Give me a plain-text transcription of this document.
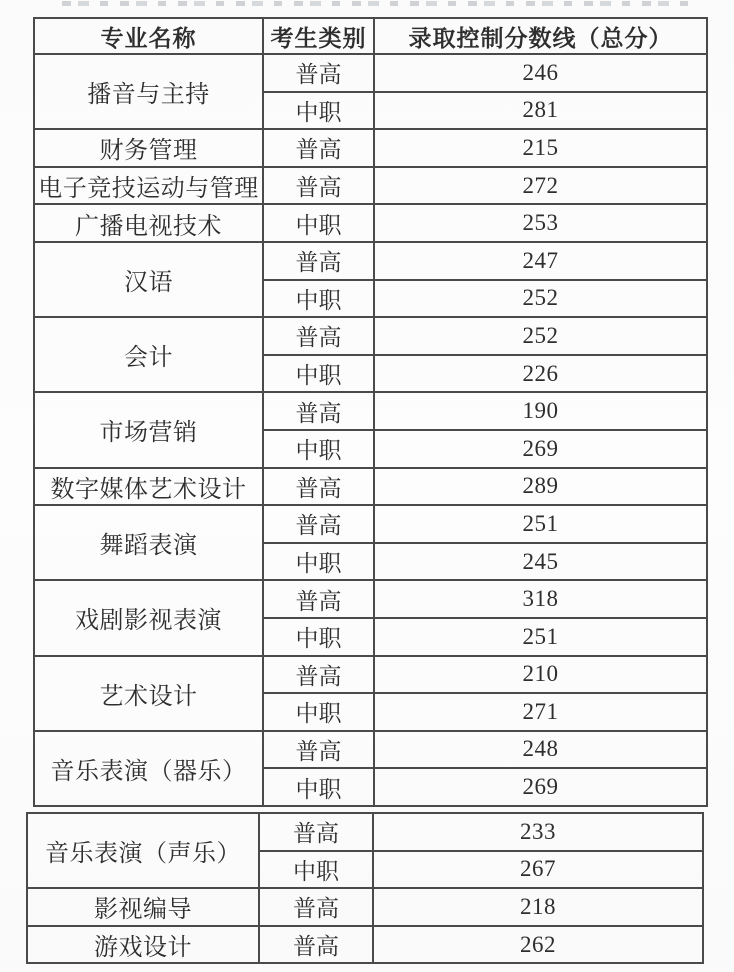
专业名称	考生类别	录取控制分数线（总分）
播音与主持	普高	246
	中职	281
财务管理	普高	215
电子竞技运动与管理	普高	272
广播电视技术	中职	253
汉语	普高	247
	中职	252
会计	普高	252
	中职	226
市场营销	普高	190
	中职	269
数字媒体艺术设计	普高	289
舞蹈表演	普高	251
	中职	245
戏剧影视表演	普高	318
	中职	251
艺术设计	普高	210
	中职	271
音乐表演（器乐）	普高	248
	中职	269
音乐表演（声乐）	普高	233
	中职	267
影视编导	普高	218
游戏设计	普高	262
